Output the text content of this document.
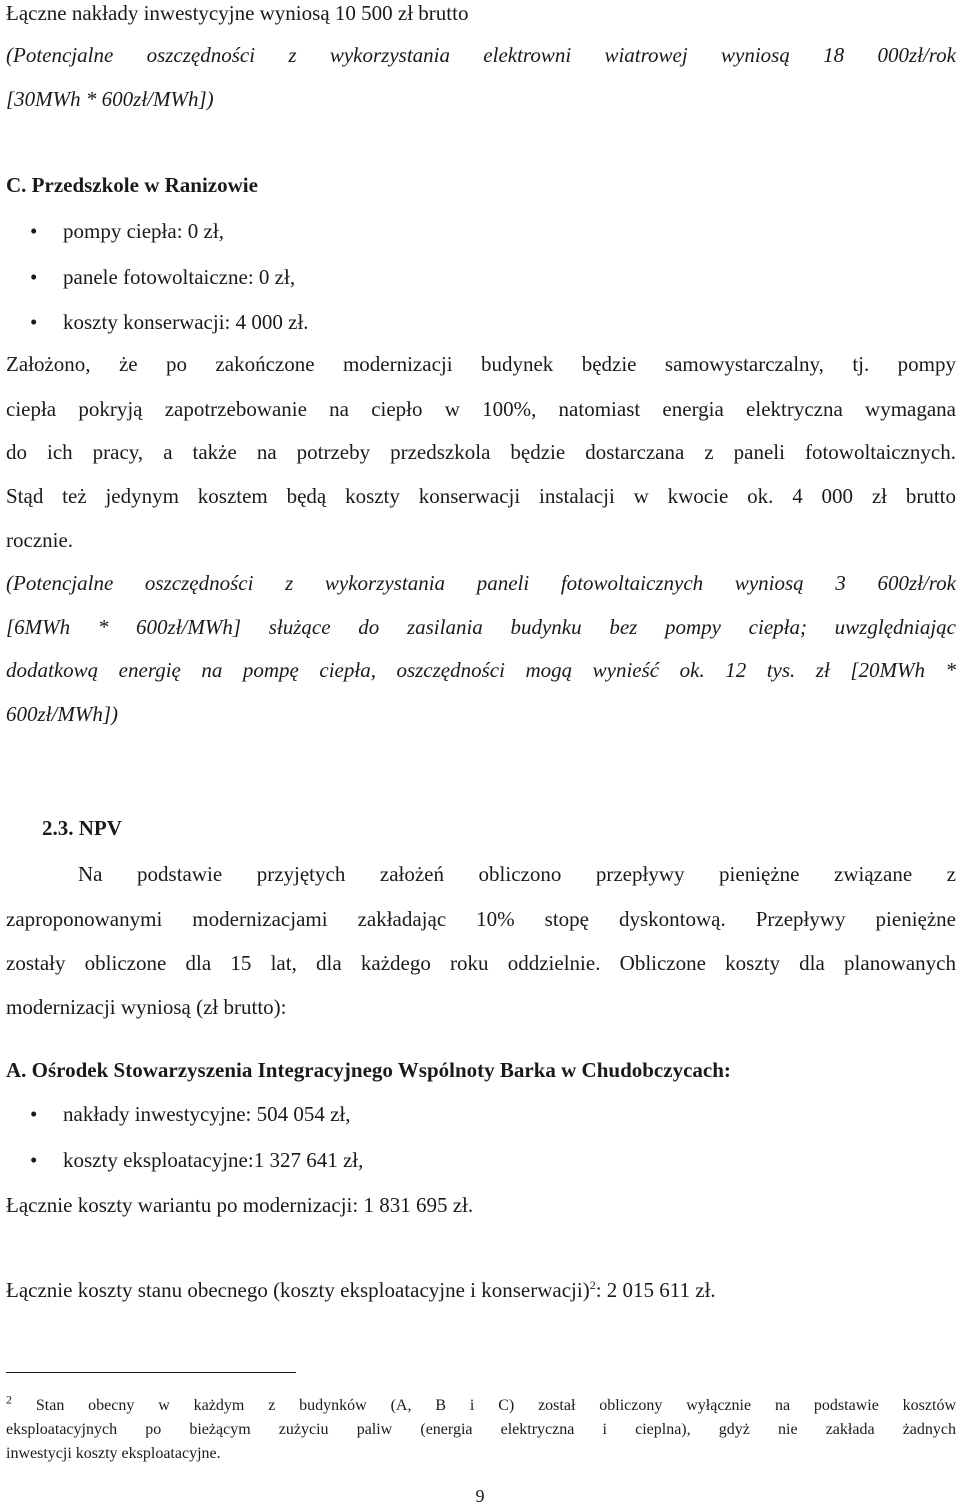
Łączne nakłady inwestycyjne wyniosą 10 500 zł brutto
(Potencjalne oszczędności z wykorzystania elektrowni wiatrowej wyniosą 18 000zł/rok
[30MWh * 600zł/MWh])
C. Przedszkole w Ranizowie
• pompy ciepła: 0 zł,
• panele fotowoltaiczne: 0 zł,
• koszty konserwacji: 4 000 zł.
Założono, że po zakończone modernizacji budynek będzie samowystarczalny, tj. pompy
ciepła pokryją zapotrzebowanie na ciepło w 100%, natomiast energia elektryczna wymagana
do ich pracy, a także na potrzeby przedszkola będzie dostarczana z paneli fotowoltaicznych.
Stąd też jedynym kosztem będą koszty konserwacji instalacji w kwocie ok. 4 000 zł brutto
rocznie.
(Potencjalne oszczędności z wykorzystania paneli fotowoltaicznych wyniosą 3 600zł/rok
[6MWh * 600zł/MWh] służące do zasilania budynku bez pompy ciepła; uwzględniając
dodatkową energię na pompę ciepła, oszczędności mogą wynieść ok. 12 tys. zł [20MWh *
600zł/MWh])
2.3. NPV
Na podstawie przyjętych założeń obliczono przepływy pieniężne związane z
zaproponowanymi modernizacjami zakładając 10% stopę dyskontową. Przepływy pieniężne
zostały obliczone dla 15 lat, dla każdego roku oddzielnie. Obliczone koszty dla planowanych
modernizacji wyniosą (zł brutto):
A. Ośrodek Stowarzyszenia Integracyjnego Wspólnoty Barka w Chudobczycach:
• nakłady inwestycyjne: 504 054 zł,
• koszty eksploatacyjne:1 327 641 zł,
Łącznie koszty wariantu po modernizacji: 1 831 695 zł.
Łącznie koszty stanu obecnego (koszty eksploatacyjne i konserwacji)$^2$: 2 015 611 zł.
$^2$ Stan obecny w każdym z budynków (A, B i C) został obliczony wyłącznie na podstawie kosztów
eksploatacyjnych po bieżącym zużyciu paliw (energia elektryczna i cieplna), gdyż nie zakłada żadnych
inwestycji koszty eksploatacyjne.
9
